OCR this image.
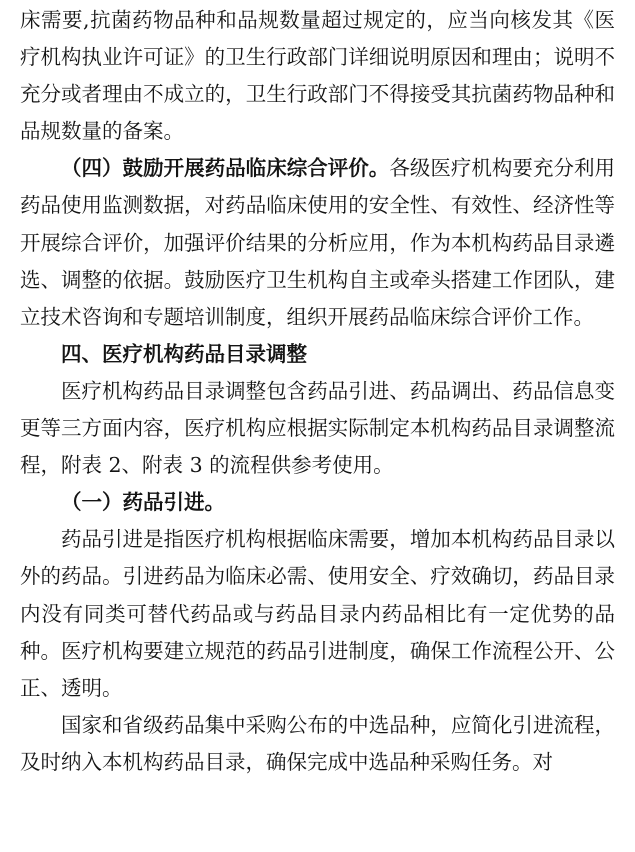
床需要,抗菌药物品种和品规数量超过规定的，应当向核发其《医疗机构执业许可证》的卫生行政部门详细说明原因和理由；说明不充分或者理由不成立的，卫生行政部门不得接受其抗菌药物品种和品规数量的备案。

（四）鼓励开展药品临床综合评价。各级医疗机构要充分利用药品使用监测数据，对药品临床使用的安全性、有效性、经济性等开展综合评价，加强评价结果的分析应用，作为本机构药品目录遴选、调整的依据。鼓励医疗卫生机构自主或牵头搭建工作团队，建立技术咨询和专题培训制度，组织开展药品临床综合评价工作。

四、医疗机构药品目录调整

医疗机构药品目录调整包含药品引进、药品调出、药品信息变更等三方面内容，医疗机构应根据实际制定本机构药品目录调整流程，附表 2、附表 3 的流程供参考使用。

（一）药品引进。

药品引进是指医疗机构根据临床需要，增加本机构药品目录以外的药品。引进药品为临床必需、使用安全、疗效确切，药品目录内没有同类可替代药品或与药品目录内药品相比有一定优势的品种。医疗机构要建立规范的药品引进制度，确保工作流程公开、公正、透明。

国家和省级药品集中采购公布的中选品种，应简化引进流程，及时纳入本机构药品目录，确保完成中选品种采购任务。对
